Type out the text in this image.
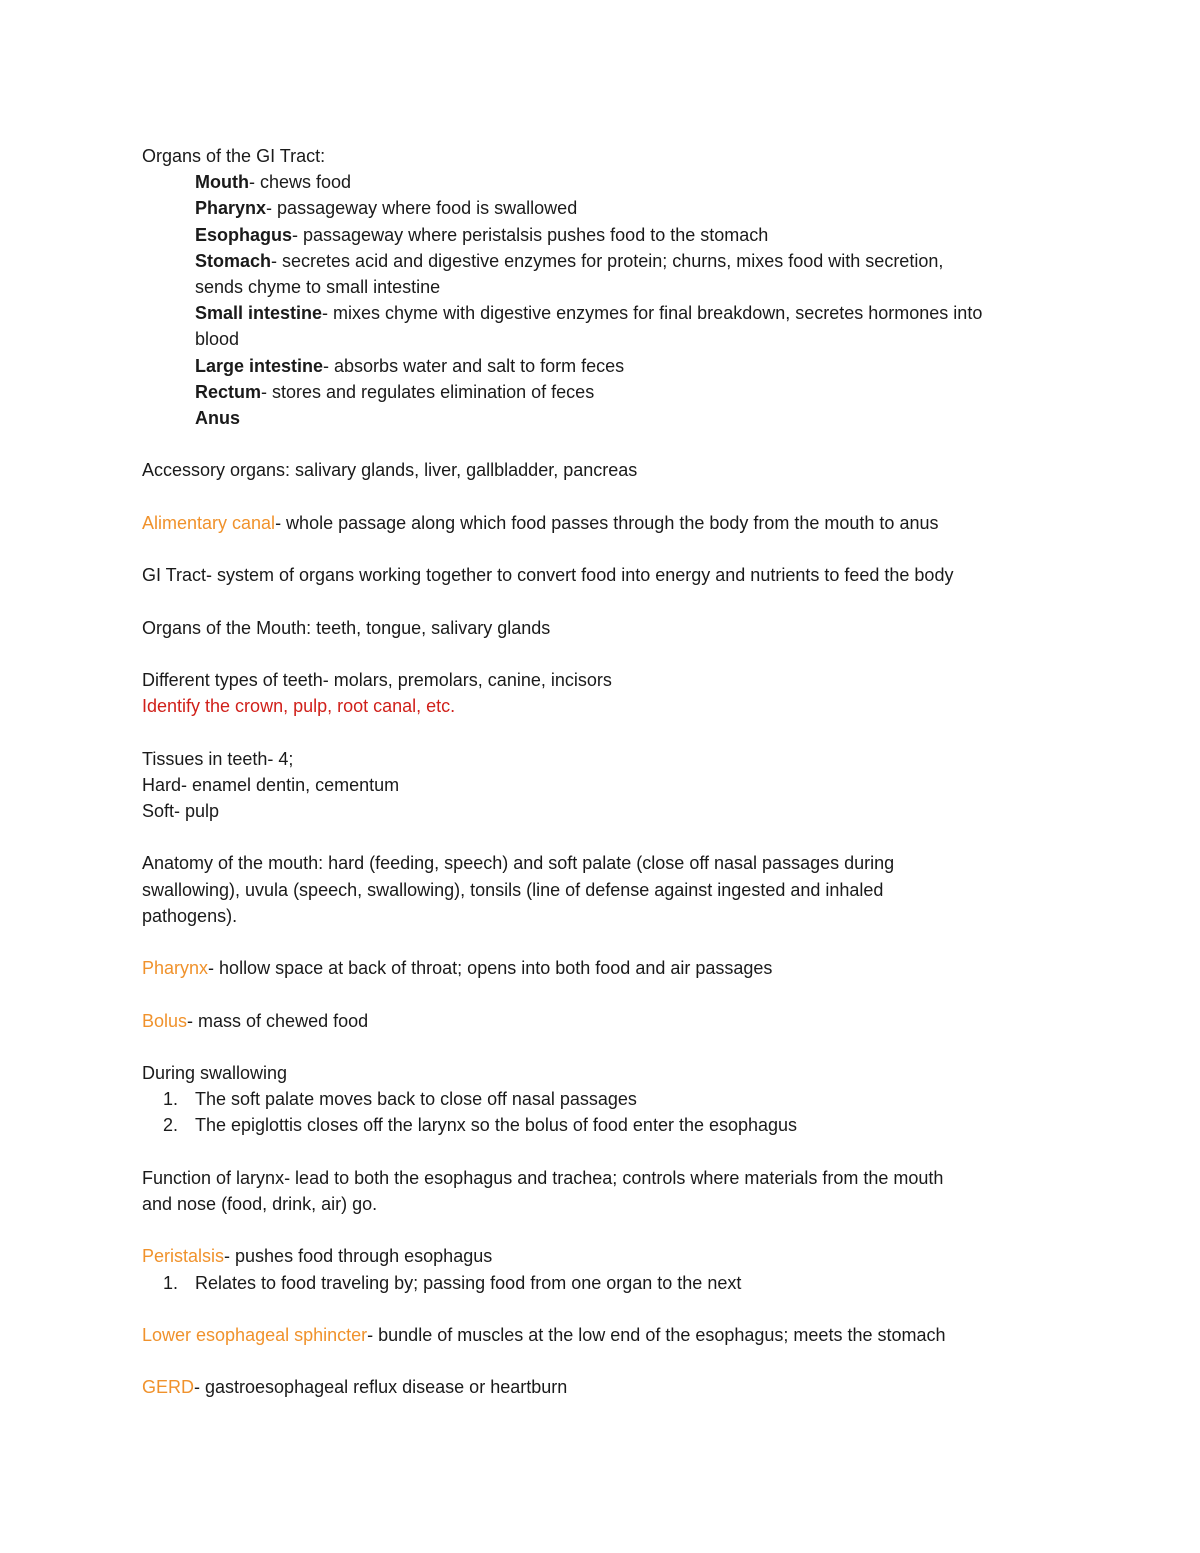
Organs of the GI Tract:
Mouth- chews food
Pharynx- passageway where food is swallowed
Esophagus- passageway where peristalsis pushes food to the stomach
Stomach- secretes acid and digestive enzymes for protein; churns, mixes food with secretion,
sends chyme to small intestine
Small intestine- mixes chyme with digestive enzymes for final breakdown, secretes hormones into
blood
Large intestine- absorbs water and salt to form feces
Rectum- stores and regulates elimination of feces
Anus
Accessory organs: salivary glands, liver, gallbladder, pancreas
Alimentary canal- whole passage along which food passes through the body from the mouth to anus
GI Tract- system of organs working together to convert food into energy and nutrients to feed the body
Organs of the Mouth: teeth, tongue, salivary glands
Different types of teeth- molars, premolars, canine, incisors
Identify the crown, pulp, root canal, etc.
Tissues in teeth- 4;
Hard- enamel dentin, cementum
Soft- pulp
Anatomy of the mouth: hard (feeding, speech) and soft palate (close off nasal passages during
swallowing), uvula (speech, swallowing), tonsils (line of defense against ingested and inhaled
pathogens).
Pharynx- hollow space at back of throat; opens into both food and air passages
Bolus- mass of chewed food
During swallowing
1. The soft palate moves back to close off nasal passages
2. The epiglottis closes off the larynx so the bolus of food enter the esophagus
Function of larynx- lead to both the esophagus and trachea; controls where materials from the mouth
and nose (food, drink, air) go.
Peristalsis- pushes food through esophagus
1. Relates to food traveling by; passing food from one organ to the next
Lower esophageal sphincter- bundle of muscles at the low end of the esophagus; meets the stomach
GERD- gastroesophageal reflux disease or heartburn
